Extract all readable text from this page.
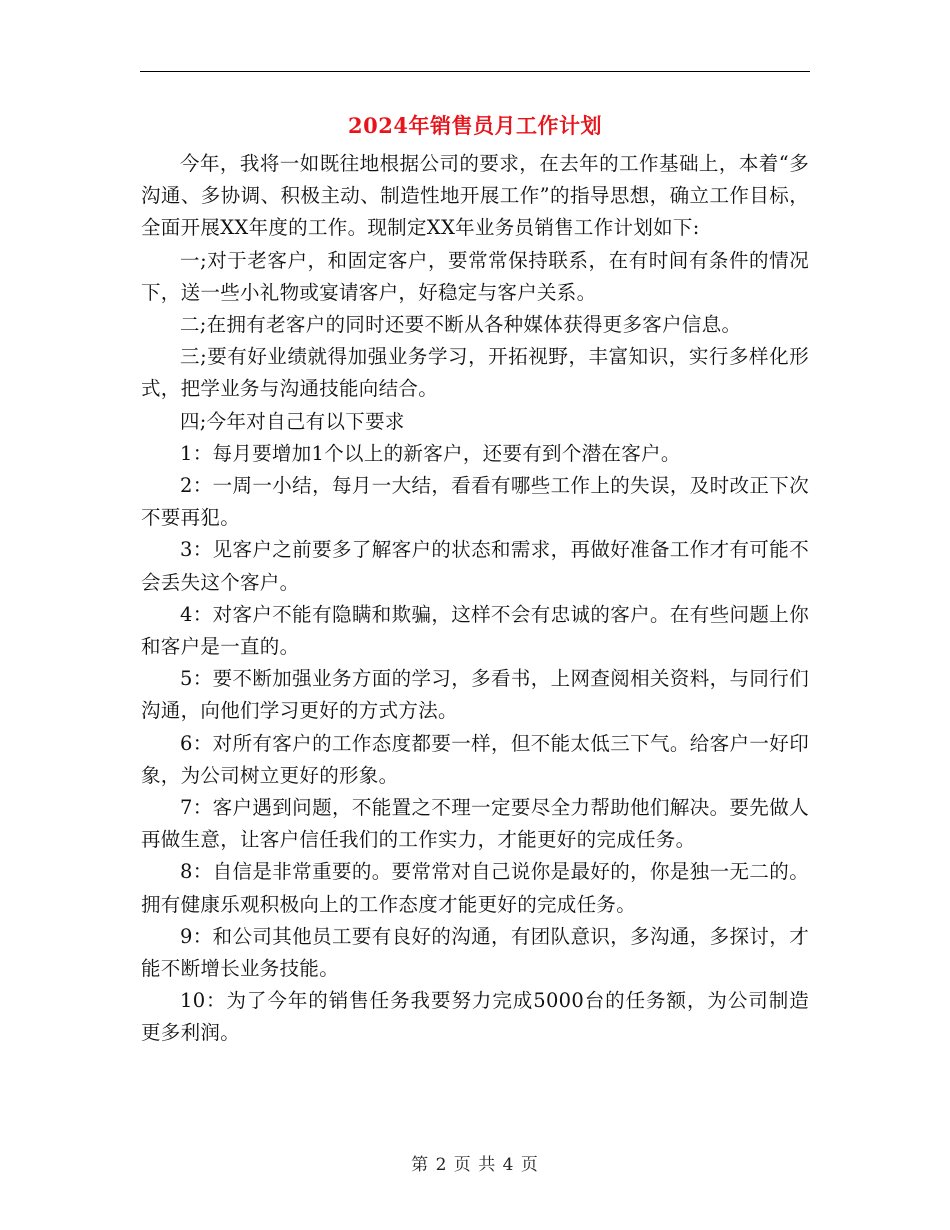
2024年销售员月工作计划

今年，我将一如既往地根据公司的要求，在去年的工作基础上，本着“多沟通、多协调、积极主动、制造性地开展工作”的指导思想，确立工作目标，全面开展XX年度的工作。现制定XX年业务员销售工作计划如下:

一;对于老客户，和固定客户，要常常保持联系，在有时间有条件的情况下，送一些小礼物或宴请客户，好稳定与客户关系。

二;在拥有老客户的同时还要不断从各种媒体获得更多客户信息。

三;要有好业绩就得加强业务学习，开拓视野，丰富知识，实行多样化形式，把学业务与沟通技能向结合。

四;今年对自己有以下要求

1：每月要增加1个以上的新客户，还要有到个潜在客户。

2：一周一小结，每月一大结，看看有哪些工作上的失误，及时改正下次不要再犯。

3：见客户之前要多了解客户的状态和需求，再做好准备工作才有可能不会丢失这个客户。

4：对客户不能有隐瞒和欺骗，这样不会有忠诚的客户。在有些问题上你和客户是一直的。

5：要不断加强业务方面的学习，多看书，上网查阅相关资料，与同行们沟通，向他们学习更好的方式方法。

6：对所有客户的工作态度都要一样，但不能太低三下气。给客户一好印象，为公司树立更好的形象。

7：客户遇到问题，不能置之不理一定要尽全力帮助他们解决。要先做人再做生意，让客户信任我们的工作实力，才能更好的完成任务。

8：自信是非常重要的。要常常对自己说你是最好的，你是独一无二的。拥有健康乐观积极向上的工作态度才能更好的完成任务。

9：和公司其他员工要有良好的沟通，有团队意识，多沟通，多探讨，才能不断增长业务技能。

10：为了今年的销售任务我要努力完成5000台的任务额，为公司制造更多利润。

第 2 页 共 4 页
